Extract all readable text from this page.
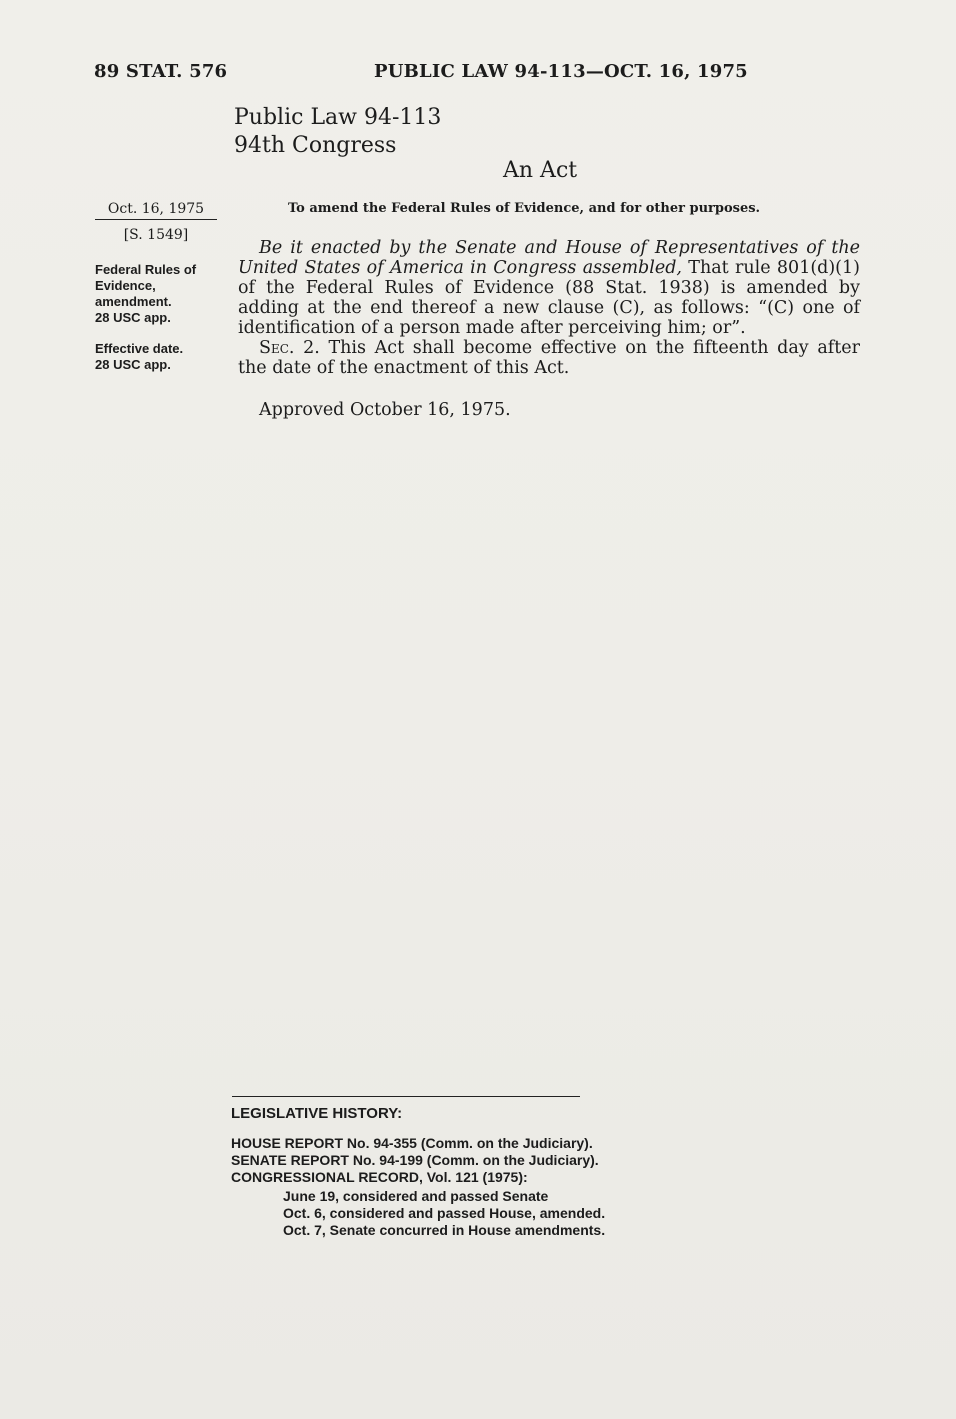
89 STAT. 576	PUBLIC LAW 94-113—OCT. 16, 1975
Public Law 94-113
94th Congress
An Act
Oct. 16, 1975
[S. 1549]
Federal Rules of
Evidence,
amendment.
28 USC app.
Effective date.
28 USC app.
To amend the Federal Rules of Evidence, and for other purposes.

Be it enacted by the Senate and House of Representatives of the United States of America in Congress assembled, That rule 801(d)(1) of the Federal Rules of Evidence (88 Stat. 1938) is amended by adding at the end thereof a new clause (C), as follows: “(C) one of identification of a person made after perceiving him; or”.

Sec. 2. This Act shall become effective on the fifteenth day after the date of the enactment of this Act.

Approved October 16, 1975.
LEGISLATIVE HISTORY:
HOUSE REPORT No. 94-355 (Comm. on the Judiciary).
SENATE REPORT No. 94-199 (Comm. on the Judiciary).
CONGRESSIONAL RECORD, Vol. 121 (1975):
June 19, considered and passed Senate
Oct. 6, considered and passed House, amended.
Oct. 7, Senate concurred in House amendments.
